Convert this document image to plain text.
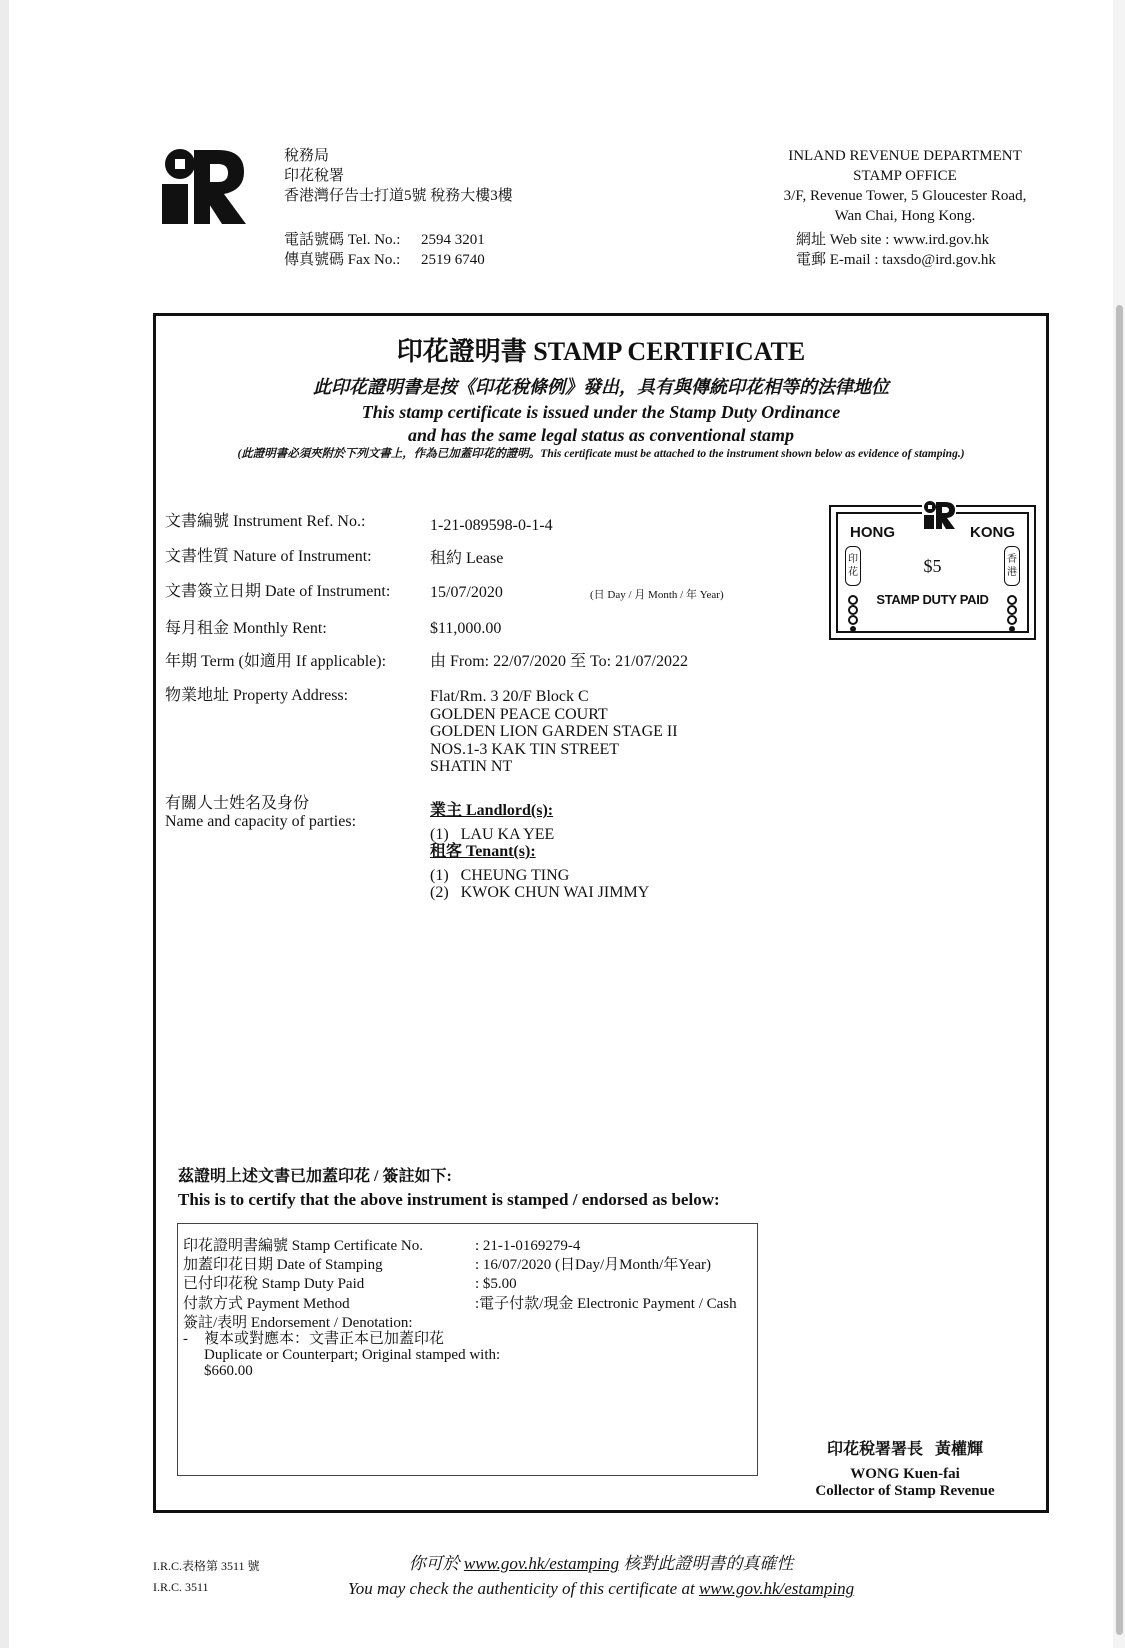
稅務局
印花稅署
香港灣仔告士打道5號 稅務大樓3樓
電話號碼 Tel. No.: 2594 3201
傳真號碼 Fax No.: 2519 6740
INLAND REVENUE DEPARTMENT
STAMP OFFICE
3/F, Revenue Tower, 5 Gloucester Road,
Wan Chai, Hong Kong.
網址 Web site : www.ird.gov.hk
電郵 E-mail : taxsdo@ird.gov.hk
印花證明書 STAMP CERTIFICATE
此印花證明書是按《印花稅條例》發出，具有與傳統印花相等的法律地位
This stamp certificate is issued under the Stamp Duty Ordinance
and has the same legal status as conventional stamp
(此證明書必須夾附於下列文書上，作為已加蓋印花的證明。This certificate must be attached to the instrument shown below as evidence of stamping.)
文書編號 Instrument Ref. No.:	1-21-089598-0-1-4
文書性質 Nature of Instrument:	租約 Lease
文書簽立日期 Date of Instrument: 15/07/2020	(日 Day / 月 Month / 年 Year)
每月租金 Monthly Rent:	$11,000.00
年期 Term (如適用 If applicable):	由 From: 22/07/2020 至 To: 21/07/2022
物業地址 Property Address:	Flat/Rm. 3 20/F Block C
GOLDEN PEACE COURT
GOLDEN LION GARDEN STAGE II
NOS.1-3 KAK TIN STREET
SHATIN NT
有關人士姓名及身份
Name and capacity of parties:
業主 Landlord(s):
(1)   LAU KA YEE
租客 Tenant(s):
(1)   CHEUNG TING
(2)   KWOK CHUN WAI JIMMY
HONG	KONG
印花
香港
$5
STAMP DUTY PAID
茲證明上述文書已加蓋印花 / 簽註如下:
This is to certify that the above instrument is stamped / endorsed as below:
印花證明書編號 Stamp Certificate No.	: 21-1-0169279-4
加蓋印花日期 Date of Stamping	: 16/07/2020 (日Day/月Month/年Year)
已付印花稅 Stamp Duty Paid	: $5.00
付款方式 Payment Method	:電子付款/現金 Electronic Payment / Cash
簽註/表明 Endorsement / Denotation:
- 複本或對應本：文書正本已加蓋印花
Duplicate or Counterpart; Original stamped with:
$660.00
印花稅署署長   黃權輝
WONG Kuen-fai
Collector of Stamp Revenue
I.R.C.表格第 3511 號
I.R.C. 3511
你可於 www.gov.hk/estamping 核對此證明書的真確性
You may check the authenticity of this certificate at www.gov.hk/estamping
